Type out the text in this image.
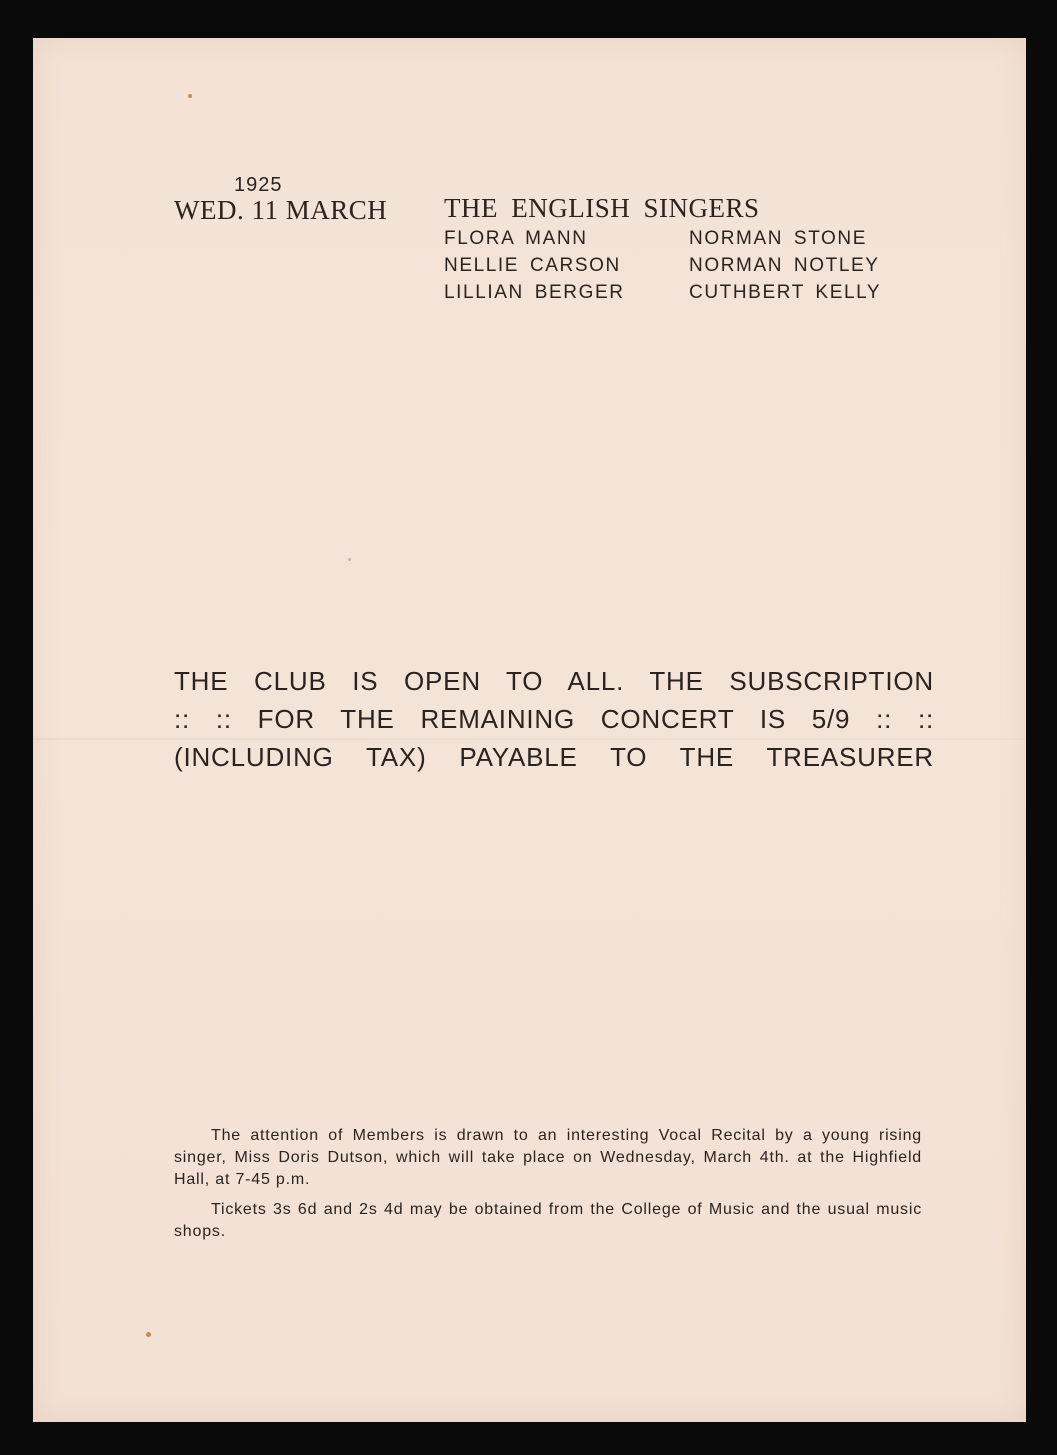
1925
WED. 11 MARCH THE ENGLISH SINGERS
FLORA MANN	NORMAN STONE
NELLIE CARSON	NORMAN NOTLEY
LILLIAN BERGER	CUTHBERT KELLY
THE CLUB IS OPEN TO ALL. THE SUBSCRIPTION
:: :: FOR THE REMAINING CONCERT IS 5/9 :: ::
(INCLUDING TAX) PAYABLE TO THE TREASURER

The attention of Members is drawn to an interesting Vocal Recital by a young rising singer, Miss Doris Dutson, which will take place on Wednesday, March 4th. at the Highfield Hall, at 7-45 p.m.

Tickets 3s 6d and 2s 4d may be obtained from the College of Music and the usual music shops.
